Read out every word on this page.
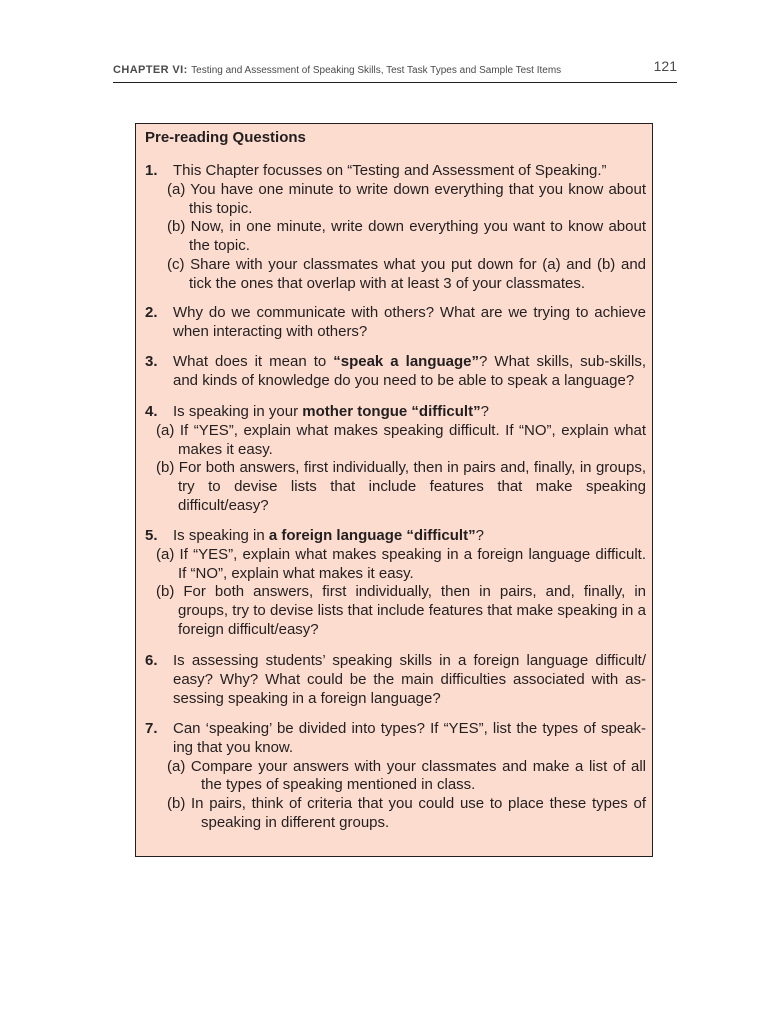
CHAPTER VI: Testing and Assessment of Speaking Skills, Test Task Types and Sample Test Items	121
Pre-reading Questions
1. This Chapter focusses on “Testing and Assessment of Speaking.”
(a) You have one minute to write down everything that you know about this topic.
(b) Now, in one minute, write down everything you want to know about the topic.
(c) Share with your classmates what you put down for (a) and (b) and tick the ones that overlap with at least 3 of your classmates.
2. Why do we communicate with others? What are we trying to achieve when interacting with others?
3. What does it mean to “speak a language”? What skills, sub-skills, and kinds of knowledge do you need to be able to speak a language?
4. Is speaking in your mother tongue “difficult”?
(a) If “YES”, explain what makes speaking difficult. If “NO”, explain what makes it easy.
(b) For both answers, first individually, then in pairs and, finally, in groups, try to devise lists that include features that make speaking difficult/easy?
5. Is speaking in a foreign language “difficult”?
(a) If “YES”, explain what makes speaking in a foreign language difficult. If “NO”, explain what makes it easy.
(b) For both answers, first individually, then in pairs, and, finally, in groups, try to devise lists that include features that make speaking in a foreign difficult/easy?
6. Is assessing students’ speaking skills in a foreign language difficult/ easy? Why? What could be the main difficulties associated with as- sessing speaking in a foreign language?
7. Can ‘speaking’ be divided into types? If “YES”, list the types of speak- ing that you know.
(a) Compare your answers with your classmates and make a list of all the types of speaking mentioned in class.
(b) In pairs, think of criteria that you could use to place these types of speaking in different groups.
